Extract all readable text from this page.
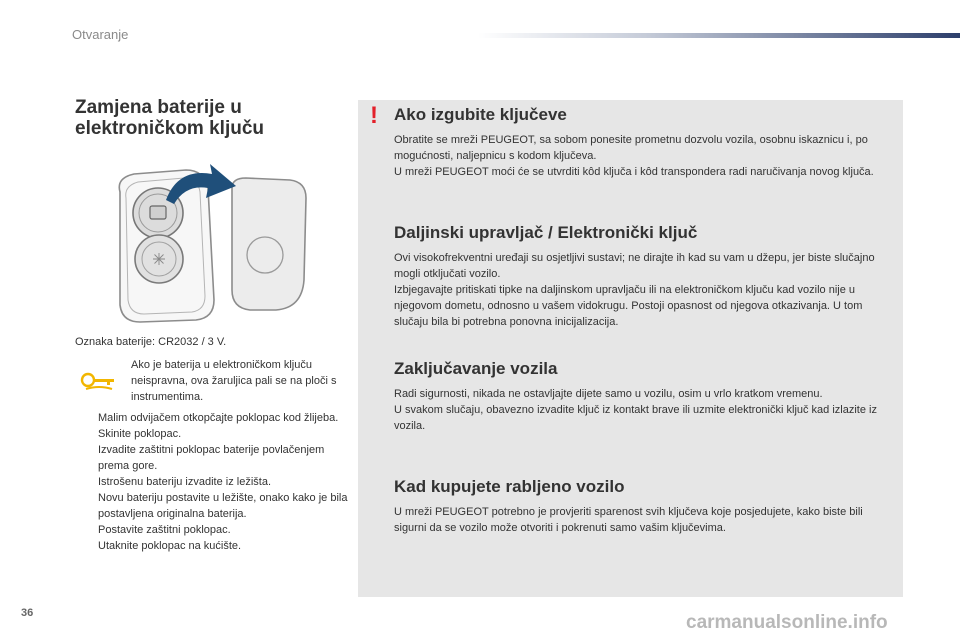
Otvaranje
Zamjena baterije u elektroničkom ključu
Oznaka baterije: CR2032 / 3 V.
Ako je baterija u elektroničkom ključu neispravna, ova žaruljica pali se na ploči s instrumentima.
Malim odvijačem otkopčajte poklopac kod žlijeba.
Skinite poklopac.
Izvadite zaštitni poklopac baterije povlačenjem prema gore.
Istrošenu bateriju izvadite iz ležišta.
Novu bateriju postavite u ležište, onako kako je bila postavljena originalna baterija.
Postavite zaštitni poklopac.
Utaknite poklopac na kućište.
! Ako izgubite ključeve

Obratite se mreži PEUGEOT, sa sobom ponesite prometnu dozvolu vozila, osobnu iskaznicu i, po mogućnosti, naljepnicu s kodom ključeva.
U mreži PEUGEOT moći će se utvrditi kôd ključa i kôd transpondera radi naručivanja novog ključa.

Daljinski upravljač / Elektronički ključ

Ovi visokofrekventni uređaji su osjetljivi sustavi; ne dirajte ih kad su vam u džepu, jer biste slučajno mogli otključati vozilo.
Izbjegavajte pritiskati tipke na daljinskom upravljaču ili na elektroničkom ključu kad vozilo nije u njegovom dometu, odnosno u vašem vidokrugu. Postoji opasnost od njegova otkazivanja. U tom slučaju bila bi potrebna ponovna inicijalizacija.

Zaključavanje vozila

Radi sigurnosti, nikada ne ostavljajte dijete samo u vozilu, osim u vrlo kratkom vremenu.
U svakom slučaju, obavezno izvadite ključ iz kontakt brave ili uzmite elektronički ključ kad izlazite iz vozila.

Kad kupujete rabljeno vozilo

U mreži PEUGEOT potrebno je provjeriti sparenost svih ključeva koje posjedujete, kako biste bili sigurni da se vozilo može otvoriti i pokrenuti samo vašim ključevima.

36	carmanualsonline.info
